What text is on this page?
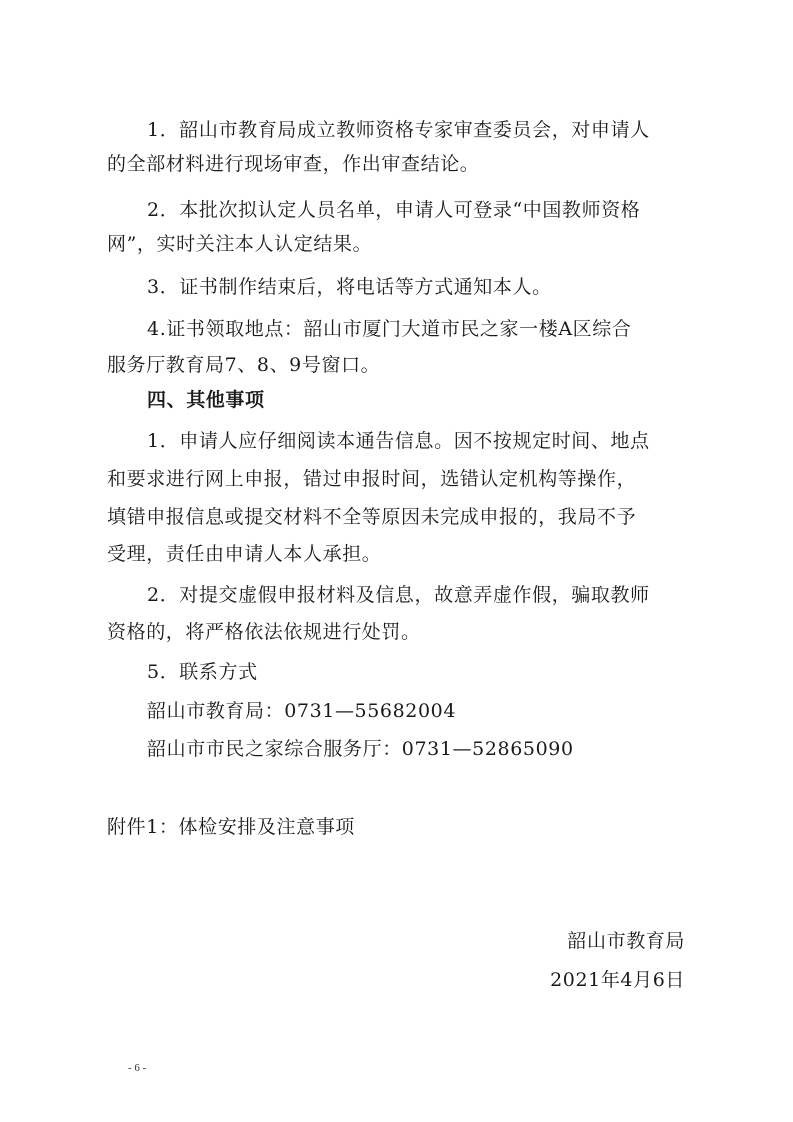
1．韶山市教育局成立教师资格专家审查委员会，对申请人
的全部材料进行现场审查，作出审查结论。
2．本批次拟认定人员名单，申请人可登录“中国教师资格
网”，实时关注本人认定结果。
3．证书制作结束后，将电话等方式通知本人。
4.证书领取地点：韶山市厦门大道市民之家一楼A区综合
服务厅教育局7、8、9号窗口。
四、其他事项
1．申请人应仔细阅读本通告信息。因不按规定时间、地点
和要求进行网上申报，错过申报时间，选错认定机构等操作，
填错申报信息或提交材料不全等原因未完成申报的，我局不予
受理，责任由申请人本人承担。
2．对提交虚假申报材料及信息，故意弄虚作假，骗取教师
资格的，将严格依法依规进行处罚。
5．联系方式
韶山市教育局：0731—55682004
韶山市市民之家综合服务厅：0731—52865090
附件1：体检安排及注意事项
韶山市教育局
2021年4月6日
- 6 -
